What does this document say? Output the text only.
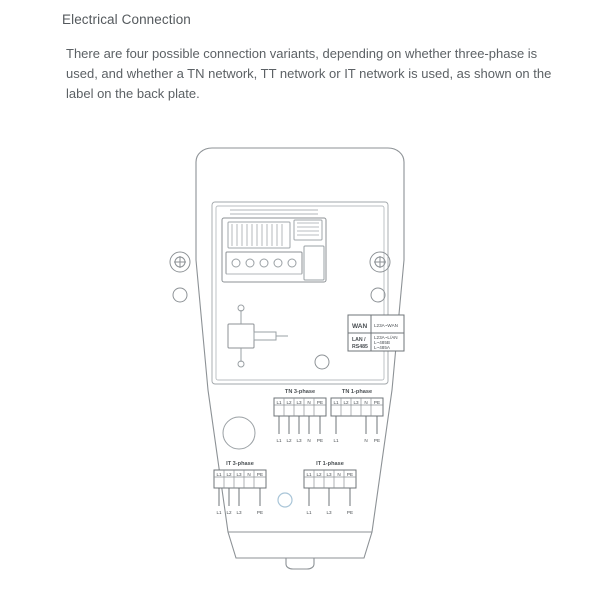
Electrical Connection
There are four possible connection variants, depending on whether three-phase is used, and whether a TN network, TT network or IT network is used, as shown on the label on the back plate.
WAN
LAN /
RS485
L23A~WAN
L23A~L/AN
L~485B
L~485A
TN 3-phase
L1 L2 L3 N PE
L1 L2 L3 N PE
TN 1-phase
L1 L2 L3 N PE
L1	N PE
IT 3-phase
L1 L2 L3 N PE
L1 L2 L3	PE
IT 1-phase
L1 L2 L3 N PE
L1	L3	PE
